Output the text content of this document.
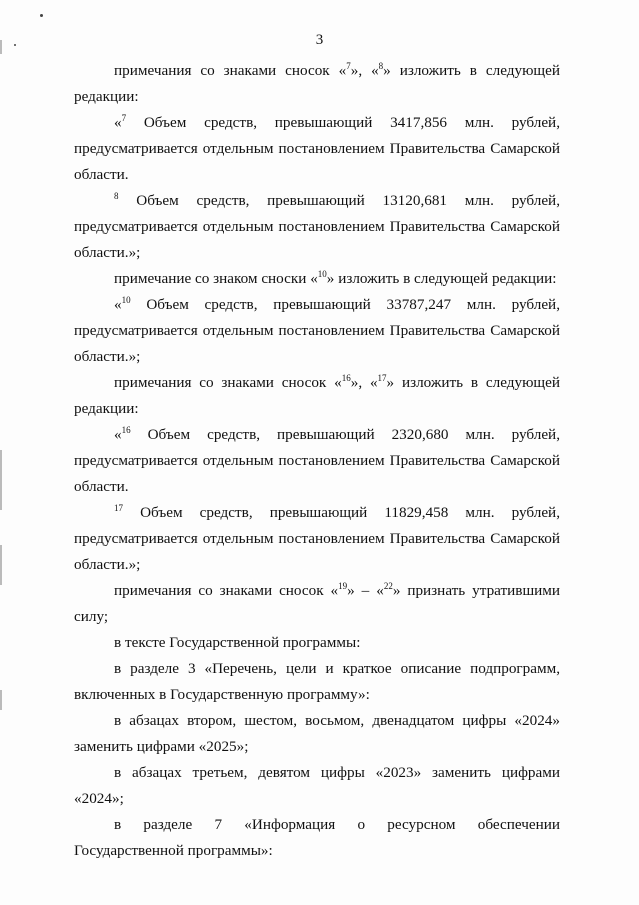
3

примечания со знаками сносок «$^7$», «$^8$» изложить в следующей редакции:

«$^7$ Объем средств, превышающий 3417,856 млн. рублей, предусматривается отдельным постановлением Правительства Самарской области.

$^8$ Объем средств, превышающий 13120,681 млн. рублей, предусматривается отдельным постановлением Правительства Самарской области.»;

примечание со знаком сноски «$^{10}$» изложить в следующей редакции:

«$^{10}$ Объем средств, превышающий 33787,247 млн. рублей, предусматривается отдельным постановлением Правительства Самарской области.»;

примечания со знаками сносок «$^{16}$», «$^{17}$» изложить в следующей редакции:

«$^{16}$ Объем средств, превышающий 2320,680 млн. рублей, предусматривается отдельным постановлением Правительства Самарской области.

$^{17}$ Объем средств, превышающий 11829,458 млн. рублей, предусматривается отдельным постановлением Правительства Самарской области.»;

примечания со знаками сносок «$^{19}$» – «$^{22}$» признать утратившими силу;

в тексте Государственной программы:

в разделе 3 «Перечень, цели и краткое описание подпрограмм, включенных в Государственную программу»:

в абзацах втором, шестом, восьмом, двенадцатом цифры «2024» заменить цифрами «2025»;

в абзацах третьем, девятом цифры «2023» заменить цифрами «2024»;

в разделе 7 «Информация о ресурсном обеспечении Государственной программы»:
